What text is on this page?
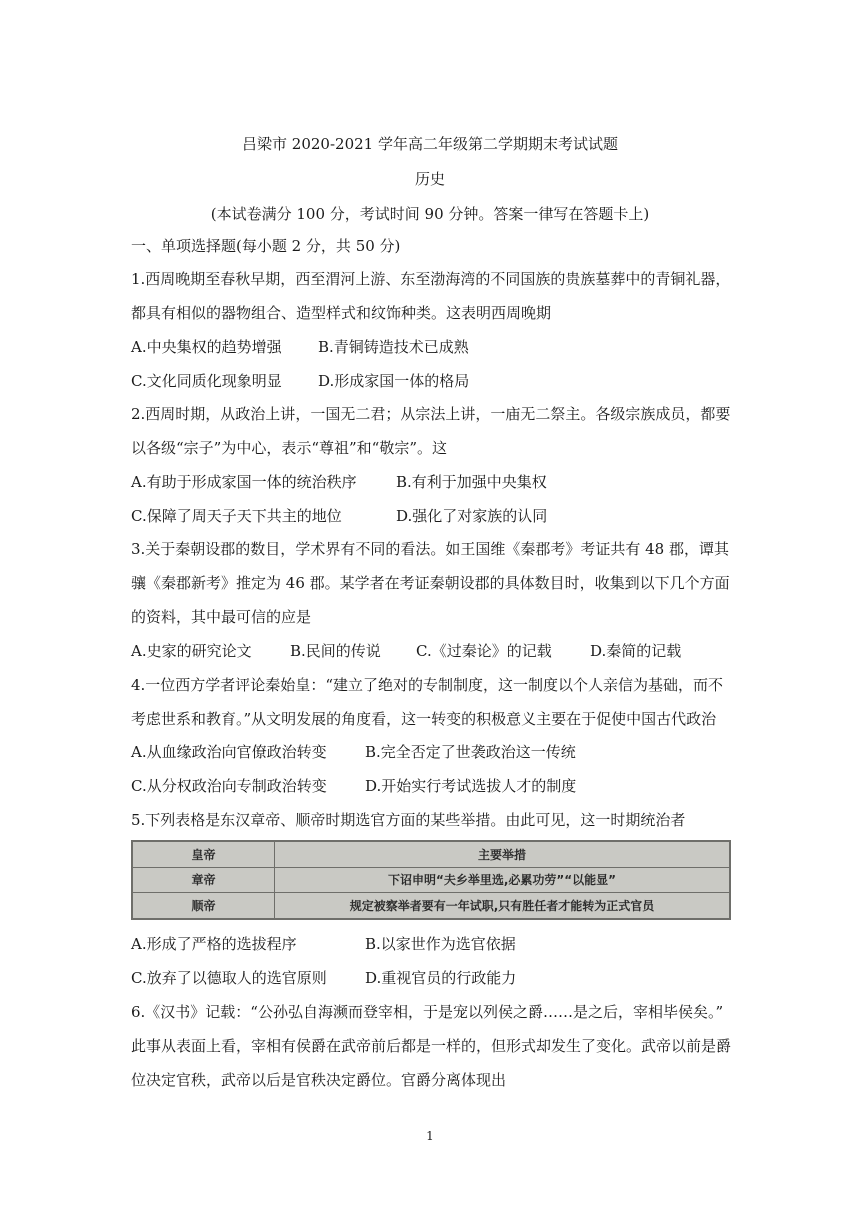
吕梁市 2020-2021 学年高二年级第二学期期末考试试题
历史
(本试卷满分 100 分，考试时间 90 分钟。答案一律写在答题卡上)
一、单项选择题(每小题 2 分，共 50 分)
1.西周晚期至春秋早期，西至渭河上游、东至渤海湾的不同国族的贵族墓葬中的青铜礼器，
都具有相似的器物组合、造型样式和纹饰种类。这表明西周晚期
A.中央集权的趋势增强 B.青铜铸造技术已成熟
C.文化同质化现象明显 D.形成家国一体的格局
2.西周时期，从政治上讲，一国无二君；从宗法上讲，一庙无二祭主。各级宗族成员，都要
以各级“宗子”为中心，表示“尊祖”和“敬宗”。这
A.有助于形成家国一体的统治秩序	B.有利于加强中央集权
C.保障了周天子天下共主的地位	D.强化了对家族的认同
3.关于秦朝设郡的数目，学术界有不同的看法。如王国维《秦郡考》考证共有 48 郡，谭其
骧《秦郡新考》推定为 46 郡。某学者在考证秦朝设郡的具体数目时，收集到以下几个方面
的资料，其中最可信的应是
A.史家的研究论文	B.民间的传说 C.《过秦论》的记载	D.秦简的记载
4.一位西方学者评论秦始皇：“建立了绝对的专制制度，这一制度以个人亲信为基础，而不
考虑世系和教育。”从文明发展的角度看，这一转变的积极意义主要在于促使中国古代政治
A.从血缘政治向官僚政治转变	B.完全否定了世袭政治这一传统
C.从分权政治向专制政治转变	D.开始实行考试选拔人才的制度
5.下列表格是东汉章帝、顺帝时期选官方面的某些举措。由此可见，这一时期统治者
皇帝	主要举措
章帝	下诏申明“夫乡举里选,必累功劳”“以能显”
顺帝	规定被察举者要有一年试职,只有胜任者才能转为正式官员
A.形成了严格的选拔程序	B.以家世作为选官依据
C.放弃了以德取人的选官原则	D.重视官员的行政能力
6.《汉书》记载：“公孙弘自海濒而登宰相，于是宠以列侯之爵……是之后，宰相毕侯矣。”
此事从表面上看，宰相有侯爵在武帝前后都是一样的，但形式却发生了变化。武帝以前是爵
位决定官秩，武帝以后是官秩决定爵位。官爵分离体现出
1
